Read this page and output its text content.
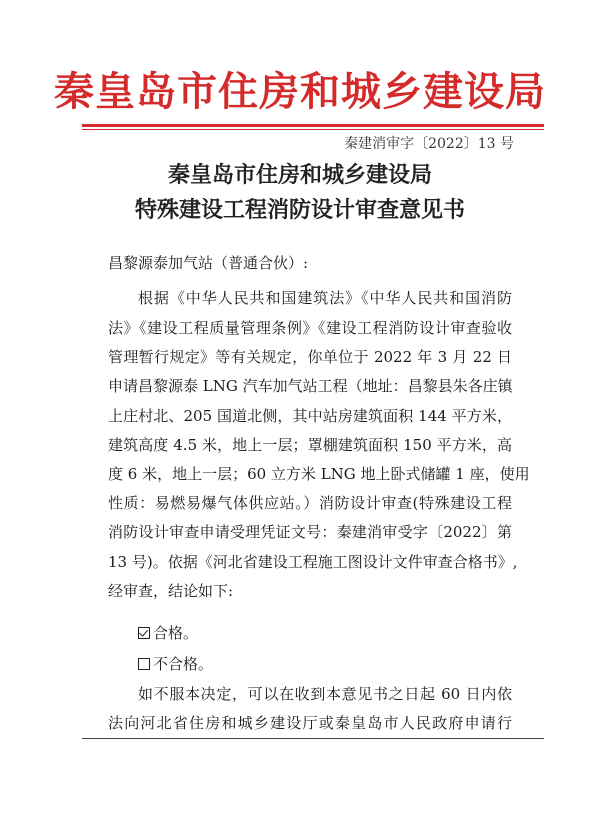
秦皇岛市住房和城乡建设局
秦建消审字〔2022〕13 号
秦皇岛市住房和城乡建设局
特殊建设工程消防设计审查意见书
昌黎源泰加气站（普通合伙）:
根据《中华人民共和国建筑法》《中华人民共和国消防
法》《建设工程质量管理条例》《建设工程消防设计审查验收
管理暂行规定》等有关规定，你单位于 2022 年 3 月 22 日
申请昌黎源泰 LNG 汽车加气站工程（地址：昌黎县朱各庄镇
上庄村北、205 国道北侧，其中站房建筑面积 144 平方米，
建筑高度 4.5 米，地上一层；罩棚建筑面积 150 平方米，高
度 6 米，地上一层；60 立方米 LNG 地上卧式储罐 1 座，使用
性质：易燃易爆气体供应站。）消防设计审查(特殊建设工程
消防设计审查申请受理凭证文号：秦建消审受字〔2022〕第
13 号)。依据《河北省建设工程施工图设计文件审查合格书》,
经审查，结论如下:
合格。
不合格。
如不服本决定，可以在收到本意见书之日起 60 日内依
法向河北省住房和城乡建设厅或秦皇岛市人民政府申请行
